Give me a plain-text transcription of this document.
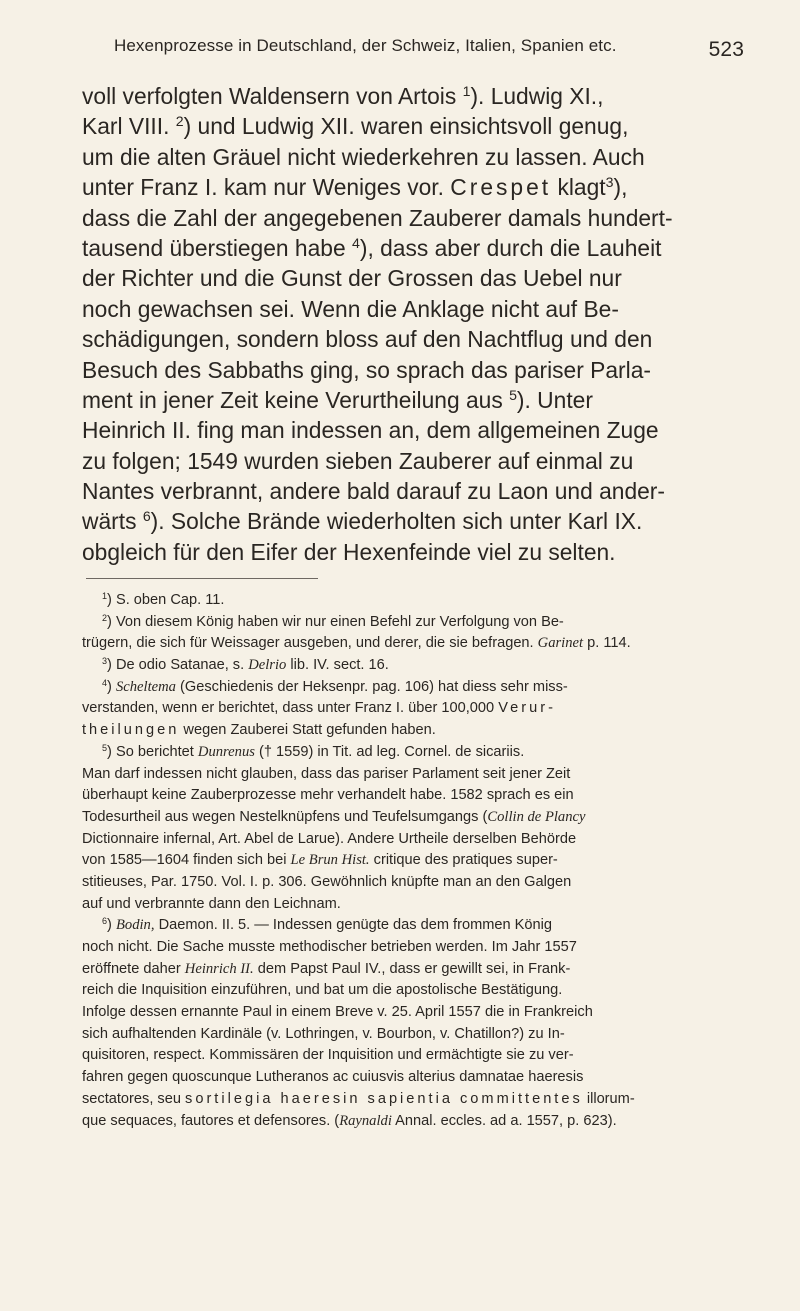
Hexenprozesse in Deutschland, der Schweiz, Italien, Spanien etc.	523
voll verfolgten Waldensern von Artois $^1$). Ludwig XI.,
Karl VIII. $^2$) und Ludwig XII. waren einsichtsvoll genug,
um die alten Gräuel nicht wiederkehren zu lassen. Auch
unter Franz I. kam nur Weniges vor. Crespet klagt$^3$),
dass die Zahl der angegebenen Zauberer damals hundert-
tausend überstiegen habe $^4$), dass aber durch die Lauheit
der Richter und die Gunst der Grossen das Uebel nur
noch gewachsen sei. Wenn die Anklage nicht auf Be-
schädigungen, sondern bloss auf den Nachtflug und den
Besuch des Sabbaths ging, so sprach das pariser Parla-
ment in jener Zeit keine Verurtheilung aus $^5$). Unter
Heinrich II. fing man indessen an, dem allgemeinen Zuge
zu folgen; 1549 wurden sieben Zauberer auf einmal zu
Nantes verbrannt, andere bald darauf zu Laon und ander-
wärts $^6$). Solche Brände wiederholten sich unter Karl IX.
obgleich für den Eifer der Hexenfeinde viel zu selten.
$^1$) S. oben Cap. 11.
$^2$) Von diesem König haben wir nur einen Befehl zur Verfolgung von Be-
trügern, die sich für Weissager ausgeben, und derer, die sie befragen. Garinet p. 114.
$^3$) De odio Satanae, s. Delrio lib. IV. sect. 16.
$^4$) Scheltema (Geschiedenis der Heksenpr. pag. 106) hat diess sehr miss-
verstanden, wenn er berichtet, dass unter Franz I. über 100,000 Verur-
theilungen wegen Zauberei Statt gefunden haben.
$^5$) So berichtet Dunrenus († 1559) in Tit. ad leg. Cornel. de sicariis.
Man darf indessen nicht glauben, dass das pariser Parlament seit jener Zeit
überhaupt keine Zauberprozesse mehr verhandelt habe. 1582 sprach es ein
Todesurtheil aus wegen Nestelknüpfens und Teufelsumgangs (Collin de Plancy
Dictionnaire infernal, Art. Abel de Larue). Andere Urtheile derselben Behörde
von 1585—1604 finden sich bei Le Brun Hist. critique des pratiques super-
stitieuses, Par. 1750. Vol. I. p. 306. Gewöhnlich knüpfte man an den Galgen
auf und verbrannte dann den Leichnam.
$^6$) Bodin, Daemon. II. 5. — Indessen genügte das dem frommen König
noch nicht. Die Sache musste methodischer betrieben werden. Im Jahr 1557
eröffnete daher Heinrich II. dem Papst Paul IV., dass er gewillt sei, in Frank-
reich die Inquisition einzuführen, und bat um die apostolische Bestätigung.
Infolge dessen ernannte Paul in einem Breve v. 25. April 1557 die in Frankreich
sich aufhaltenden Kardinäle (v. Lothringen, v. Bourbon, v. Chatillon?) zu In-
quisitoren, respect. Kommissären der Inquisition und ermächtigte sie zu ver-
fahren gegen quoscunque Lutheranos ac cuiusvis alterius damnatae haeresis
sectatores, seu sortilegia haeresin sapientia committentes illorum-
que sequaces, fautores et defensores. (Raynaldi Annal. eccles. ad a. 1557, p. 623).
